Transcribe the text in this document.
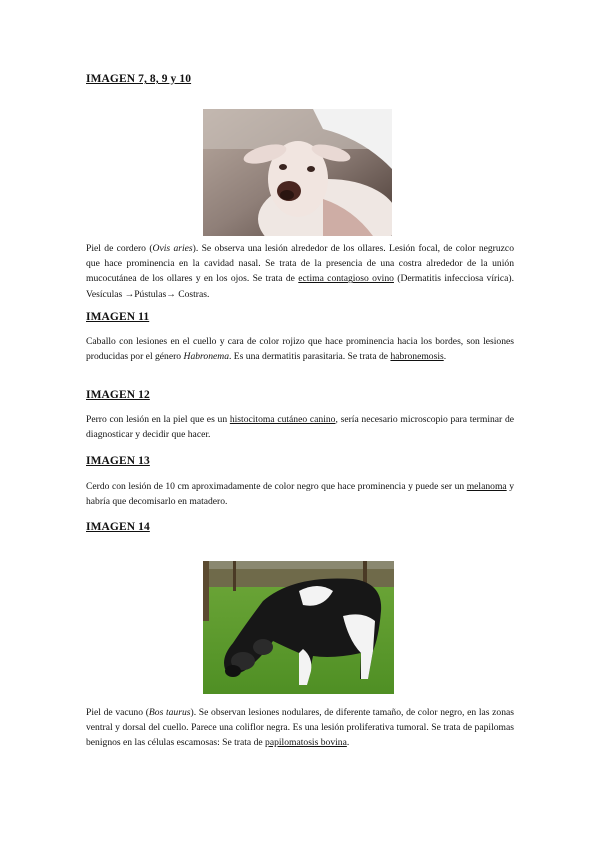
IMAGEN 7, 8, 9 y 10
Piel de cordero (Ovis aries). Se observa una lesión alrededor de los ollares. Lesión focal, de color negruzco que hace prominencia en la cavidad nasal. Se trata de la presencia de una costra alrededor de la unión mucocutánea de los ollares y en los ojos. Se trata de ectima contagioso ovino (Dermatitis infecciosa vírica). Vesículas →Pústulas→ Costras.
IMAGEN 11
Caballo con lesiones en el cuello y cara de color rojizo que hace prominencia hacia los bordes, son lesiones producidas por el género Habronema. Es una dermatitis parasitaria. Se trata de habronemosis.
IMAGEN 12
Perro con lesión en la piel que es un histocitoma cutáneo canino, sería necesario microscopio para terminar de diagnosticar y decidir que hacer.
IMAGEN 13
Cerdo con lesión de 10 cm aproximadamente de color negro que hace prominencia y puede ser un melanoma y habría que decomisarlo en matadero.
IMAGEN 14
Piel de vacuno (Bos taurus). Se observan lesiones nodulares, de diferente tamaño, de color negro, en las zonas ventral y dorsal del cuello. Parece una coliflor negra. Es una lesión proliferativa tumoral. Se trata de papilomas benignos en las células escamosas: Se trata de papilomatosis bovina.
